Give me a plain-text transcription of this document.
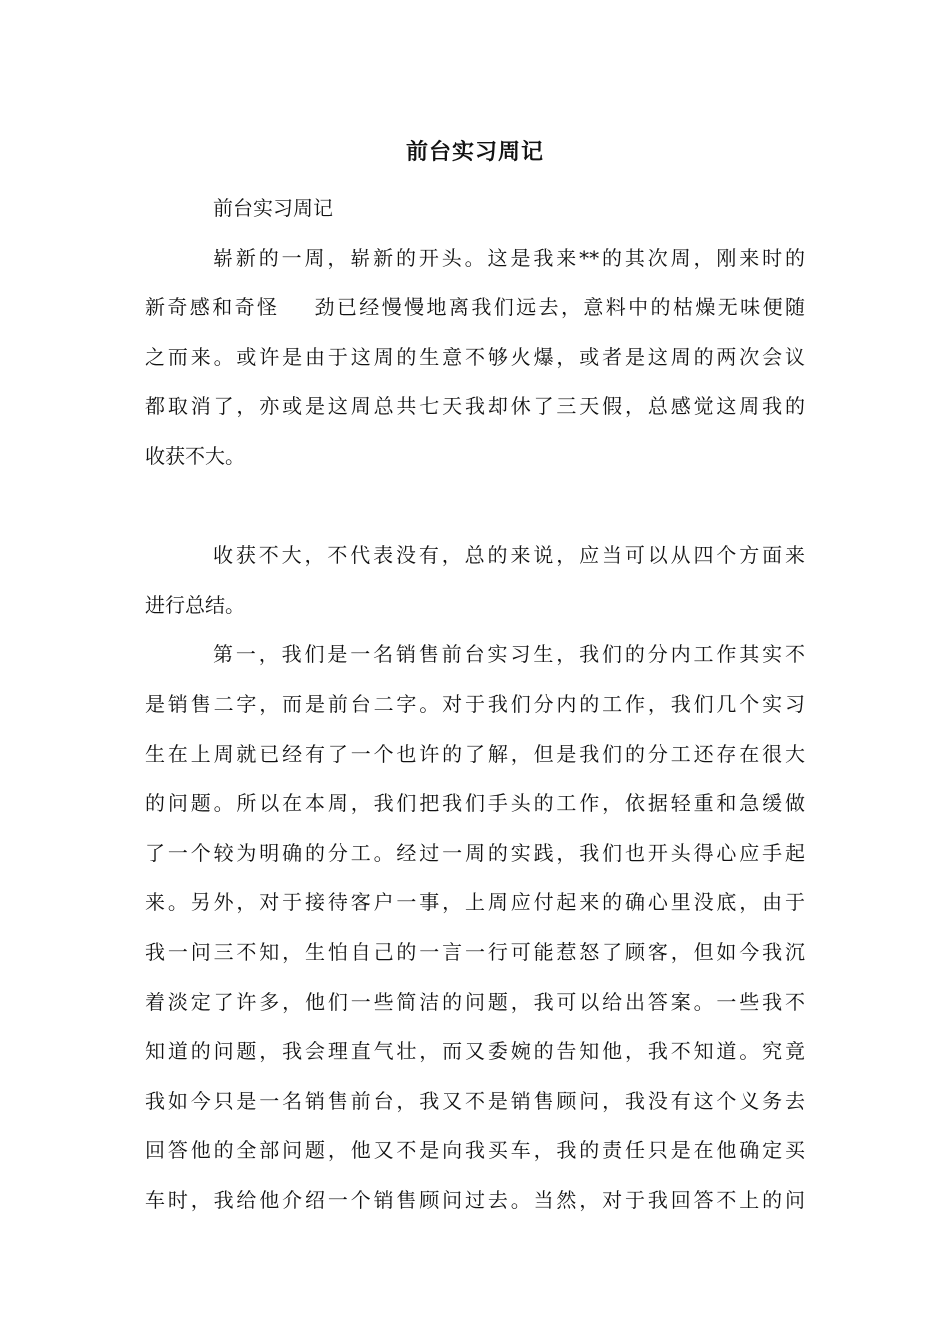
前台实习周记
前台实习周记
崭新的一周，崭新的开头。这是我来**的其次周，刚来时的
新奇感和奇怪    劲已经慢慢地离我们远去，意料中的枯燥无味便随
之而来。或许是由于这周的生意不够火爆，或者是这周的两次会议
都取消了，亦或是这周总共七天我却休了三天假，总感觉这周我的
收获不大。
收获不大，不代表没有，总的来说，应当可以从四个方面来
进行总结。
第一，我们是一名销售前台实习生，我们的分内工作其实不
是销售二字，而是前台二字。对于我们分内的工作，我们几个实习
生在上周就已经有了一个也许的了解，但是我们的分工还存在很大
的问题。所以在本周，我们把我们手头的工作，依据轻重和急缓做
了一个较为明确的分工。经过一周的实践，我们也开头得心应手起
来。另外，对于接待客户一事，上周应付起来的确心里没底，由于
我一问三不知，生怕自己的一言一行可能惹怒了顾客，但如今我沉
着淡定了许多，他们一些简洁的问题，我可以给出答案。一些我不
知道的问题，我会理直气壮，而又委婉的告知他，我不知道。究竟
我如今只是一名销售前台，我又不是销售顾问，我没有这个义务去
回答他的全部问题，他又不是向我买车，我的责任只是在他确定买
车时，我给他介绍一个销售顾问过去。当然，对于我回答不上的问
